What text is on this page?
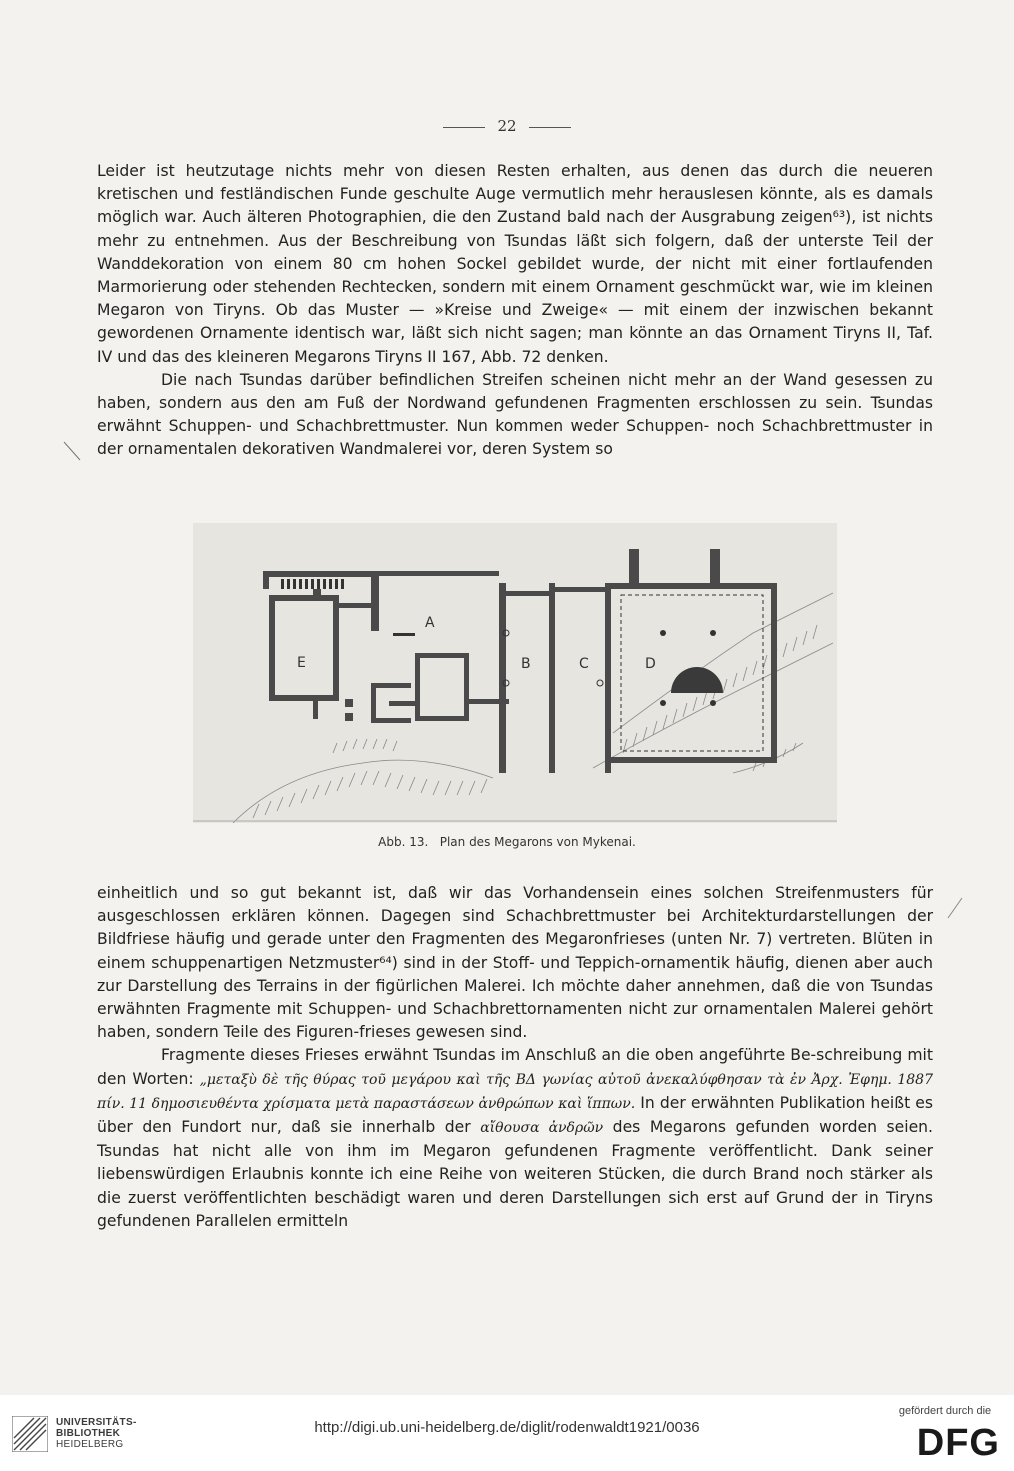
22

Leider ist heutzutage nichts mehr von diesen Resten erhalten, aus denen das durch die neueren kretischen und festländischen Funde geschulte Auge vermutlich mehr herauslesen könnte, als es damals möglich war. Auch älteren Photographien, die den Zustand bald nach der Ausgrabung zeigen⁶³), ist nichts mehr zu entnehmen. Aus der Beschreibung von Tsundas läßt sich folgern, daß der unterste Teil der Wanddekoration von einem 80 cm hohen Sockel gebildet wurde, der nicht mit einer fortlaufenden Marmorierung oder stehenden Rechtecken, sondern mit einem Ornament geschmückt war, wie im kleinen Megaron von Tiryns. Ob das Muster — »Kreise und Zweige« — mit einem der inzwischen bekannt gewordenen Ornamente identisch war, läßt sich nicht sagen; man könnte an das Ornament Tiryns II, Taf. IV und das des kleineren Megarons Tiryns II 167, Abb. 72 denken.

Die nach Tsundas darüber befindlichen Streifen scheinen nicht mehr an der Wand gesessen zu haben, sondern aus den am Fuß der Nordwand gefundenen Fragmenten erschlossen zu sein. Tsundas erwähnt Schuppen- und Schachbrettmuster. Nun kommen weder Schuppen- noch Schachbrettmuster in der ornamentalen dekorativen Wandmalerei vor, deren System so

A
B	C	D
E
Abb. 13.   Plan des Megarons von Mykenai.

einheitlich und so gut bekannt ist, daß wir das Vorhandensein eines solchen Streifenmusters für ausgeschlossen erklären können. Dagegen sind Schachbrettmuster bei Architekturdarstellungen der Bildfriese häufig und gerade unter den Fragmenten des Megaronfrieses (unten Nr. 7) vertreten. Blüten in einem schuppenartigen Netzmuster⁶⁴) sind in der Stoff- und Teppich-ornamentik häufig, dienen aber auch zur Darstellung des Terrains in der figürlichen Malerei. Ich möchte daher annehmen, daß die von Tsundas erwähnten Fragmente mit Schuppen- und Schachbrettornamenten nicht zur ornamentalen Malerei gehört haben, sondern Teile des Figuren-frieses gewesen sind.

Fragmente dieses Frieses erwähnt Tsundas im Anschluß an die oben angeführte Be-schreibung mit den Worten: „μεταξὺ δὲ τῆς θύρας τοῦ μεγάρου καὶ τῆς ΒΔ γωνίας αὐτοῦ ἀνεκαλύφθησαν τὰ ἐν Ἀρχ. Ἐφημ. 1887 πίν. 11 δημοσιευθέντα χρίσματα μετὰ παραστάσεων ἀνθρώπων καὶ ἵππων. In der erwähnten Publikation heißt es über den Fundort nur, daß sie innerhalb der αἴθουσα ἀνδρῶν des Megarons gefunden worden seien. Tsundas hat nicht alle von ihm im Megaron gefundenen Fragmente veröffentlicht. Dank seiner liebenswürdigen Erlaubnis konnte ich eine Reihe von weiteren Stücken, die durch Brand noch stärker als die zuerst veröffentlichten beschädigt waren und deren Darstellungen sich erst auf Grund der in Tiryns gefundenen Parallelen ermitteln

UNIVERSITÄTS-
BIBLIOTHEK
HEIDELBERG
http://digi.ub.uni-heidelberg.de/diglit/rodenwaldt1921/0036
gefördert durch die
DFG
